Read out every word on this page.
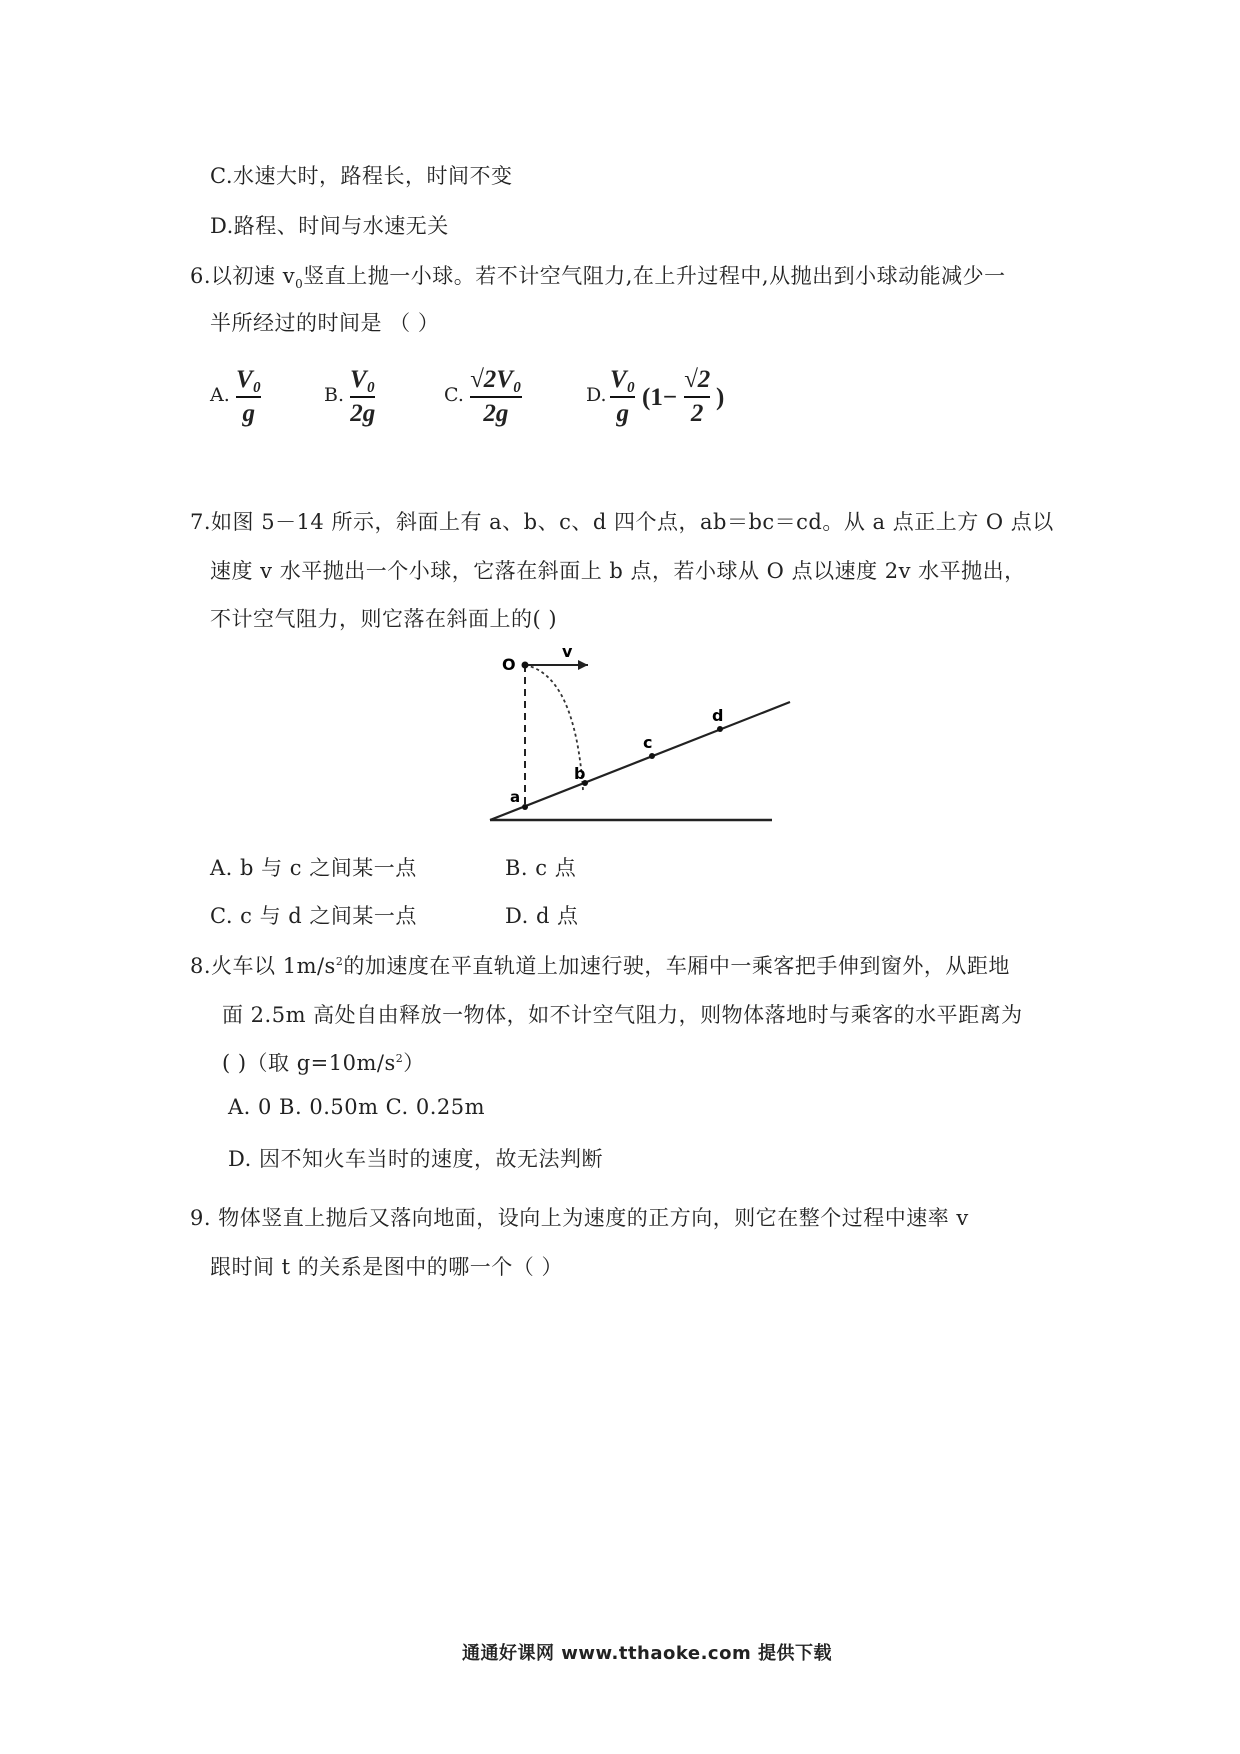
C.水速大时，路程长，时间不变
D.路程、时间与水速无关
6.以初速 $v_0$竖直上抛一小球。若不计空气阻力,在上升过程中,从抛出到小球动能减少一
半所经过的时间是 （ ）
A.
V₀
g
B.
V₀
2g
C.
√2V₀
2g
D.
V₀
g
(1−
√2
2
)
7.如图 5－14 所示，斜面上有 a、b、c、d 四个点，ab＝bc＝cd。从 a 点正上方 O 点以
速度 v 水平抛出一个小球，它落在斜面上 b 点，若小球从 O 点以速度 2v 水平抛出，
不计空气阻力，则它落在斜面上的( )
O
v
a
b
c
d
A. b 与 c 之间某一点	B. c 点
C. c 与 d 之间某一点	D. d 点
8.火车以 $1m/s^2$的加速度在平直轨道上加速行驶，车厢中一乘客把手伸到窗外，从距地
面 2.5m 高处自由释放一物体，如不计空气阻力，则物体落地时与乘客的水平距离为
( )（取 $g=10m/s^2$）
A. 0 B. 0.50m C. 0.25m
D. 因不知火车当时的速度，故无法判断
9. 物体竖直上抛后又落向地面，设向上为速度的正方向，则它在整个过程中速率 v
跟时间 t 的关系是图中的哪一个（ ）
通通好课网 www.tthaoke.com 提供下载
